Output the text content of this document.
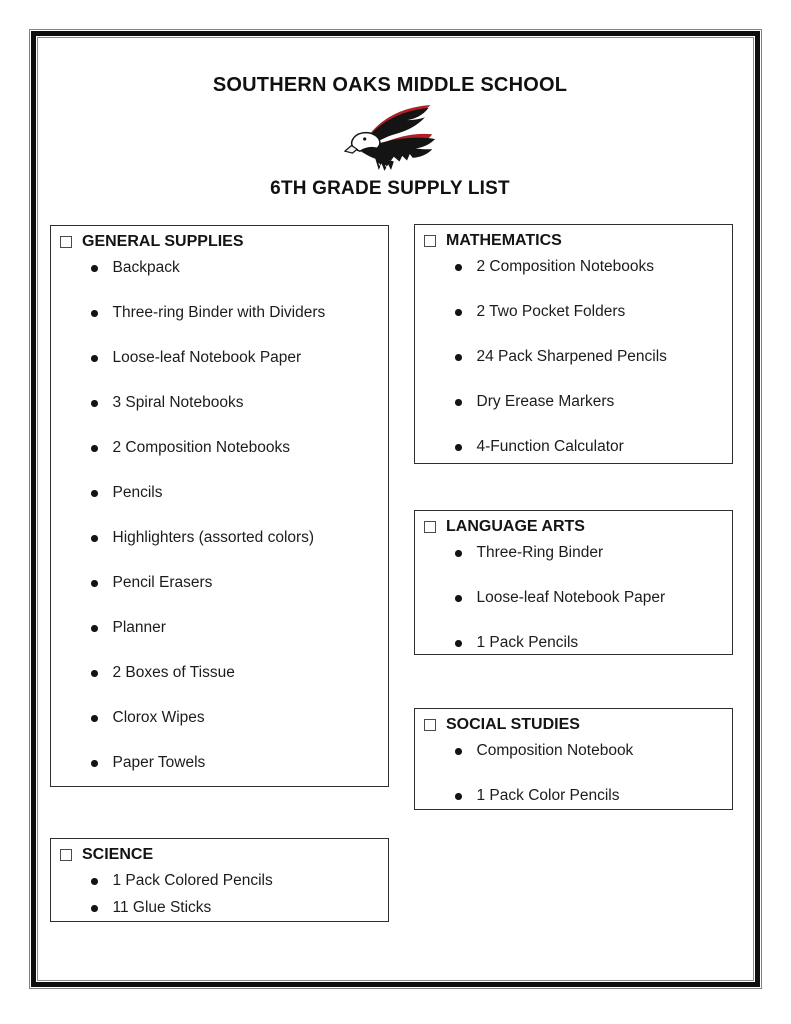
SOUTHERN OAKS MIDDLE SCHOOL
6TH GRADE SUPPLY LIST
GENERAL SUPPLIES
Backpack
Three-ring Binder with Dividers
Loose-leaf Notebook Paper
3 Spiral Notebooks
2 Composition Notebooks
Pencils
Highlighters (assorted colors)
Pencil Erasers
Planner
2 Boxes of Tissue
Clorox Wipes
Paper Towels
MATHEMATICS
2 Composition Notebooks
2 Two Pocket Folders
24 Pack Sharpened Pencils
Dry Erease Markers
4-Function Calculator
LANGUAGE ARTS
Three-Ring Binder
Loose-leaf Notebook Paper
1 Pack Pencils
SOCIAL STUDIES
Composition Notebook
1 Pack Color Pencils
SCIENCE
1 Pack Colored Pencils
11 Glue Sticks
